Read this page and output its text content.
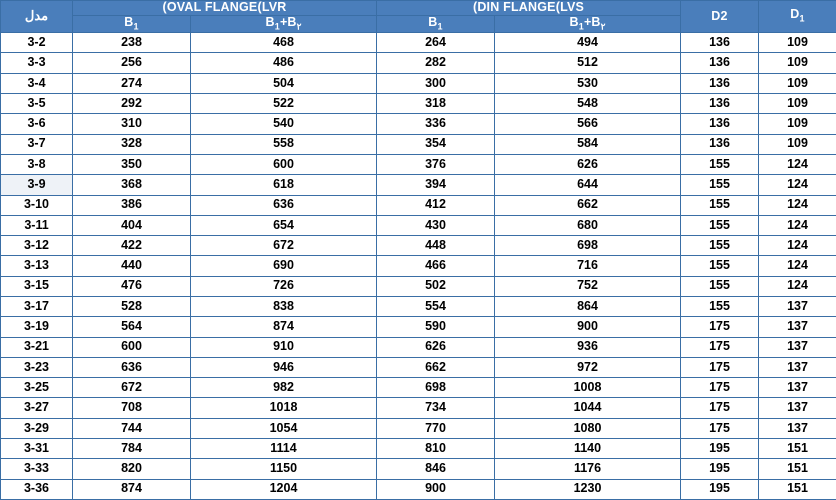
مدل	(OVAL FLANGE(LVR		(DIN FLANGE(LVS		D2	$D_1$
	$B_1$	$B_1+B_۲$	$B_1$	$B_1+B_۲$
3-2	238	468	264	494	136	109
3-3	256	486	282	512	136	109
3-4	274	504	300	530	136	109
3-5	292	522	318	548	136	109
3-6	310	540	336	566	136	109
3-7	328	558	354	584	136	109
3-8	350	600	376	626	155	124
3-9	368	618	394	644	155	124
3-10	386	636	412	662	155	124
3-11	404	654	430	680	155	124
3-12	422	672	448	698	155	124
3-13	440	690	466	716	155	124
3-15	476	726	502	752	155	124
3-17	528	838	554	864	155	137
3-19	564	874	590	900	175	137
3-21	600	910	626	936	175	137
3-23	636	946	662	972	175	137
3-25	672	982	698	1008	175	137
3-27	708	1018	734	1044	175	137
3-29	744	1054	770	1080	175	137
3-31	784	1114	810	1140	195	151
3-33	820	1150	846	1176	195	151
3-36	874	1204	900	1230	195	151
